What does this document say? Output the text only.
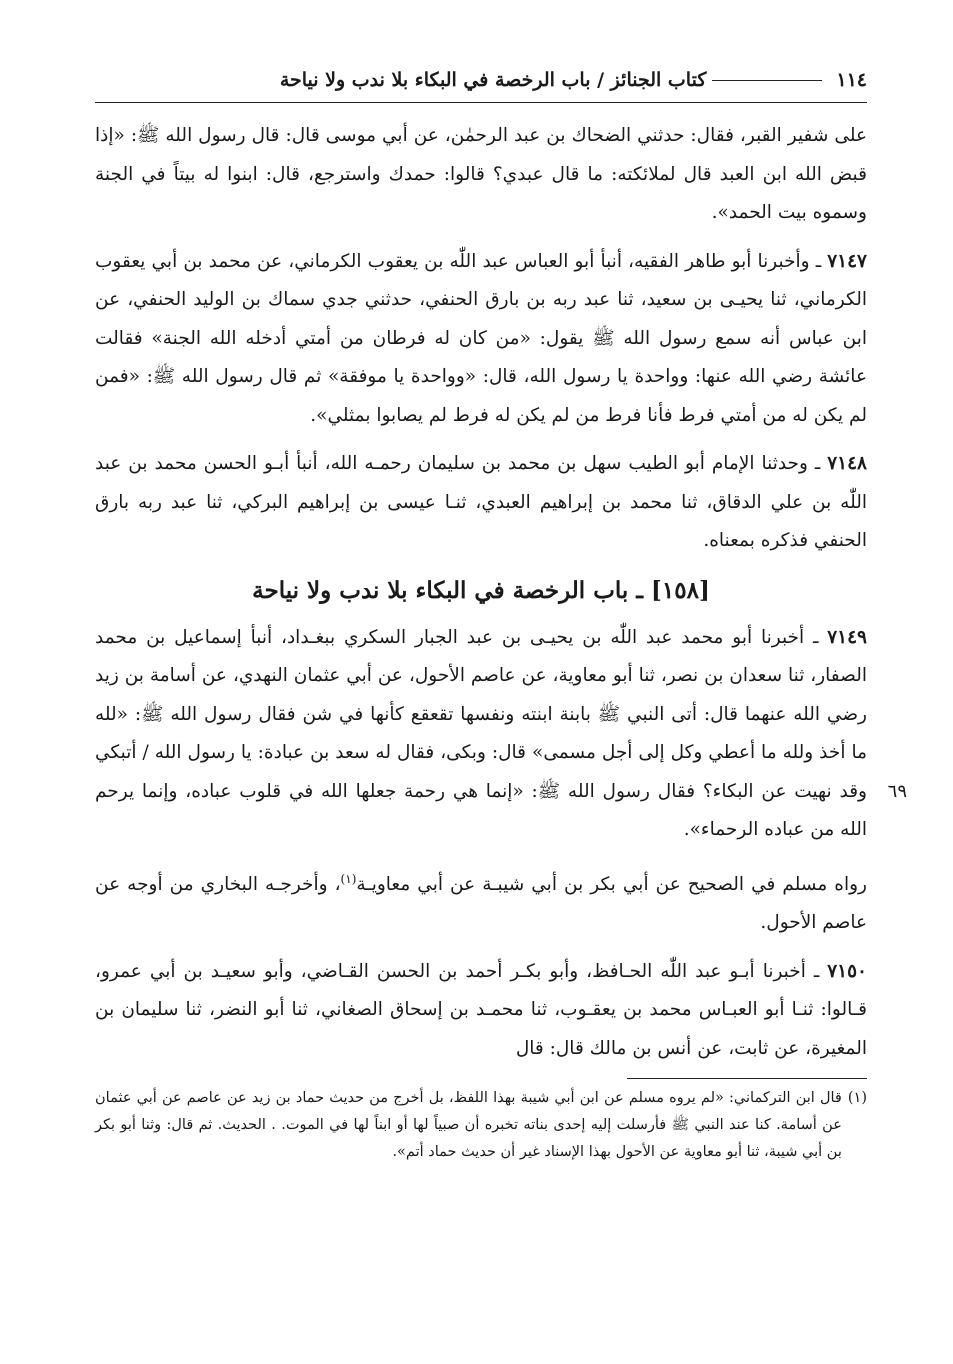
١١٤
كتاب الجنائز / باب الرخصة في البكاء بلا ندب ولا نياحة

على شفير القبر، فقال: حدثني الضحاك بن عبد الرحمٰن، عن أبي موسى قال: قال رسول الله ﷺ: «إذا قبض الله ابن العبد قال لملائكته: ما قال عبدي؟ قالوا: حمدك واسترجع، قال: ابنوا له بيتاً في الجنة وسموه بيت الحمد».

٧١٤٧ ـ وأخبرنا أبو طاهر الفقيه، أنبأ أبو العباس عبد اللّٰه بن يعقوب الكرماني، عن محمد بن أبي يعقوب الكرماني، ثنا يحيـى بن سعيد، ثنا عبد ربه بن بارق الحنفي، حدثني جدي سماك بن الوليد الحنفي، عن ابن عباس أنه سمع رسول الله ﷺ يقول: «من كان له فرطان من أمتي أدخله الله الجنة» فقالت عائشة رضي الله عنها: وواحدة يا رسول الله، قال: «وواحدة يا موفقة» ثم قال رسول الله ﷺ: «فمن لم يكن له من أمتي فرط فأنا فرط من لم يكن له فرط لم يصابوا بمثلي».

٧١٤٨ ـ وحدثنا الإمام أبو الطيب سهل بن محمد بن سليمان رحمـه الله، أنبأ أبـو الحسن محمد بن عبد اللّٰه بن علي الدقاق، ثنا محمد بن إبراهيم العبدي، ثنـا عيسى بن إبراهيم البركي، ثنا عبد ربه بارق الحنفي فذكره بمعناه.

[١٥٨] ـ باب الرخصة في البكاء بلا ندب ولا نياحة

٦٩
٧١٤٩ ـ أخبرنا أبو محمد عبد اللّٰه بن يحيـى بن عبد الجبار السكري ببغـداد، أنبأ إسماعيل بن محمد الصفار، ثنا سعدان بن نصر، ثنا أبو معاوية، عن عاصم الأحول، عن أبي عثمان النهدي، عن أسامة بن زيد رضي الله عنهما قال: أتى النبي ﷺ بابنة ابنته ونفسها تقعقع كأنها في شن فقال رسول الله ﷺ: «لله ما أخذ ولله ما أعطي وكل إلى أجل مسمى» قال: وبكى، فقال له سعد بن عبادة: يا رسول الله / أتبكي وقد نهيت عن البكاء؟ فقال رسول الله ﷺ: «إنما هي رحمة جعلها الله في قلوب عباده، وإنما يرحم الله من عباده الرحماء».

رواه مسلم في الصحيح عن أبي بكر بن أبي شيبـة عن أبي معاويـة$^{(١)}$، وأخرجـه البخاري من أوجه عن عاصم الأحول.

٧١٥٠ ـ أخبرنا أبـو عبد اللّٰه الحـافظ، وأبو بكـر أحمد بن الحسن القـاضي، وأبو سعيـد بن أبي عمرو، قـالوا: ثنـا أبو العبـاس محمد بن يعقـوب، ثنا محمـد بن إسحاق الصغاني، ثنا أبو النضر، ثنا سليمان بن المغيرة، عن ثابت، عن أنس بن مالك قال: قال

(١)
قال ابن التركماني: «لم يروه مسلم عن ابن أبي شيبة بهذا اللفظ، بل أخرج من حديث حماد بن زيد عن عاصم عن أبي عثمان عن أسامة. كنا عند النبي ﷺ فأرسلت إليه إحدى بناته تخبره أن صبياً لها أو ابناً لها في الموت. . الحديث. ثم قال: وثنا أبو بكر بن أبي شيبة، ثنا أبو معاوية عن الأحول بهذا الإسناد غير أن حديث حماد أتم».
